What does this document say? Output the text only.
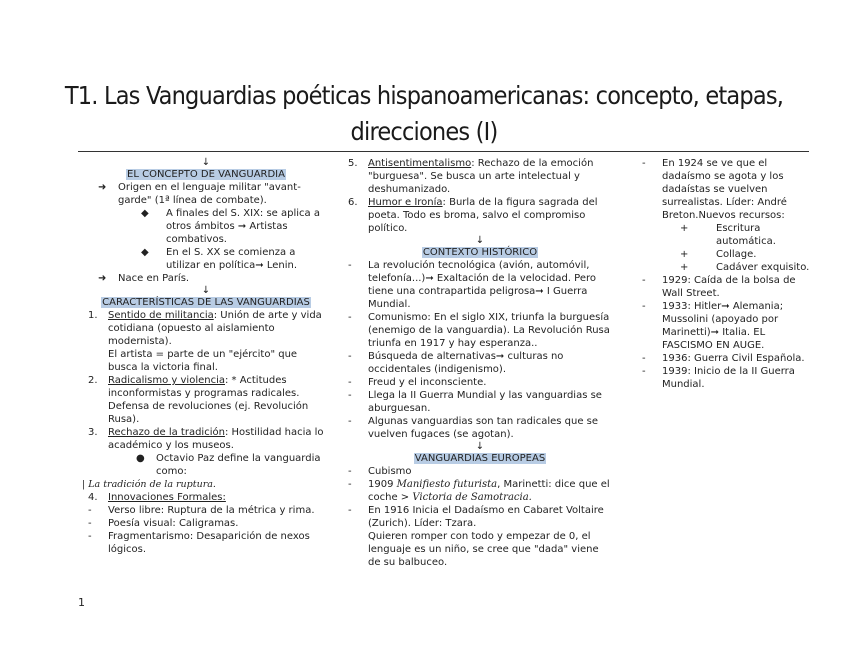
T1. Las Vanguardias poéticas hispanoamericanas: concepto, etapas,
direcciones (I)
↓
EL CONCEPTO DE VANGUARDIA
➜ Origen en el lenguaje militar "avant-garde" (1ª línea de combate).
◆ A finales del S. XIX: se aplica a otros ámbitos ➞ Artistas combativos.
◆ En el S. XX se comienza a utilizar en política➞ Lenin.
➜ Nace en París.
↓
CARACTERÍSTICAS DE LAS VANGUARDIAS
1. Sentido de militancia: Unión de arte y vida cotidiana (opuesto al aislamiento modernista).
El artista = parte de un "ejército" que busca la victoria final.
2. Radicalismo y violencia: * Actitudes inconformistas y programas radicales. Defensa de revoluciones (ej. Revolución Rusa).
3. Rechazo de la tradición: Hostilidad hacia lo académico y los museos.
● Octavio Paz define la vanguardia como:
| La tradición de la ruptura.
4. Innovaciones Formales:
- Verso libre: Ruptura de la métrica y rima.
- Poesía visual: Caligramas.
- Fragmentarismo: Desaparición de nexos lógicos.
5. Antisentimentalismo: Rechazo de la emoción "burguesa". Se busca un arte intelectual y deshumanizado.
6. Humor e Ironía: Burla de la figura sagrada del poeta. Todo es broma, salvo el compromiso político.
↓
CONTEXTO HISTÓRICO
- La revolución tecnológica (avión, automóvil, telefonía...)➞ Exaltación de la velocidad. Pero tiene una contrapartida peligrosa➞ I Guerra Mundial.
- Comunismo: En el siglo XIX, triunfa la burguesía (enemigo de la vanguardia). La Revolución Rusa triunfa en 1917 y hay esperanza..
- Búsqueda de alternativas➞ culturas no occidentales (indigenismo).
- Freud y el inconsciente.
- Llega la II Guerra Mundial y las vanguardias se aburguesan.
- Algunas vanguardias son tan radicales que se vuelven fugaces (se agotan).
↓
VANGUARDIAS EUROPEAS
- Cubismo
- 1909 Manifiesto futurista, Marinetti: dice que el coche > Victoria de Samotracia.
- En 1916 Inicia el Dadaísmo en Cabaret Voltaire (Zurich). Líder: Tzara.
Quieren romper con todo y empezar de 0, el lenguaje es un niño, se cree que "dada" viene de su balbuceo.
- En 1924 se ve que el dadaísmo se agota y los dadaístas se vuelven surrealistas. Líder: André Breton.Nuevos recursos:
+	Escritura automática.
+	Collage.
+	Cadáver exquisito.
- 1929: Caída de la bolsa de Wall Street.
- 1933: Hitler➞ Alemania; Mussolini (apoyado por Marinetti)➞ Italia. EL FASCISMO EN AUGE.
- 1936: Guerra Civil Española.
- 1939: Inicio de la II Guerra Mundial.
1
